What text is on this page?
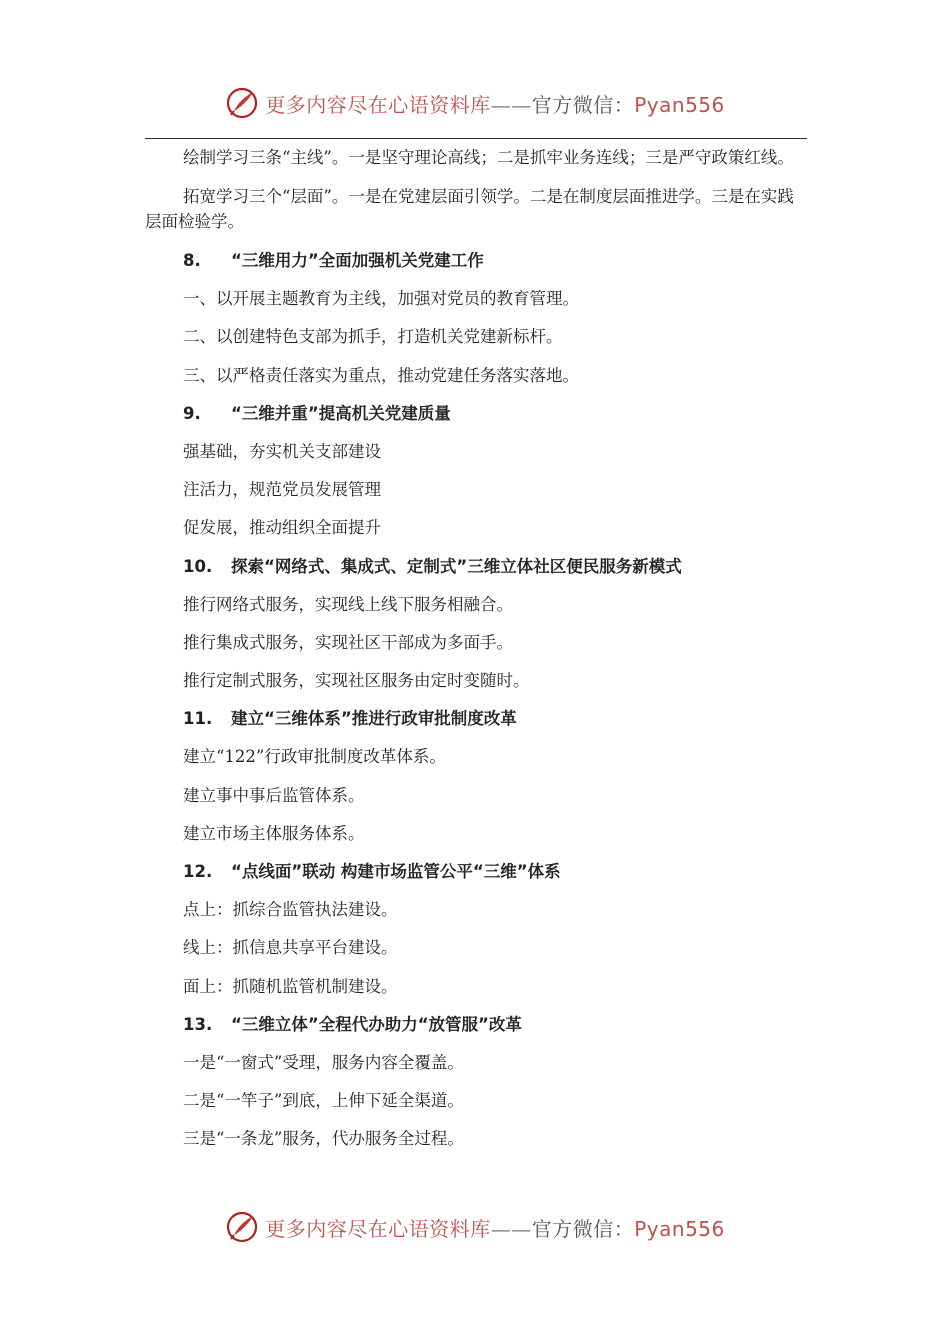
更多内容尽在心语资料库——官方微信：Pyan556

绘制学习三条“主线”。一是坚守理论高线；二是抓牢业务连线；三是严守政策红线。

拓宽学习三个“层面”。一是在党建层面引领学。二是在制度层面推进学。三是在实践层面检验学。

8. “三维用力”全面加强机关党建工作
一、以开展主题教育为主线，加强对党员的教育管理。
二、以创建特色支部为抓手，打造机关党建新标杆。
三、以严格责任落实为重点，推动党建任务落实落地。
9. “三维并重”提高机关党建质量
强基础，夯实机关支部建设
注活力，规范党员发展管理
促发展，推动组织全面提升
10. 探索“网络式、集成式、定制式”三维立体社区便民服务新模式
推行网络式服务，实现线上线下服务相融合。
推行集成式服务，实现社区干部成为多面手。
推行定制式服务，实现社区服务由定时变随时。
11. 建立“三维体系”推进行政审批制度改革
建立“122”行政审批制度改革体系。
建立事中事后监管体系。
建立市场主体服务体系。
12. “点线面”联动 构建市场监管公平“三维”体系
点上：抓综合监管执法建设。
线上：抓信息共享平台建设。
面上：抓随机监管机制建设。
13. “三维立体”全程代办助力“放管服”改革
一是“一窗式”受理，服务内容全覆盖。
二是“一竿子”到底，上伸下延全渠道。
三是“一条龙”服务，代办服务全过程。
更多内容尽在心语资料库——官方微信：Pyan556
